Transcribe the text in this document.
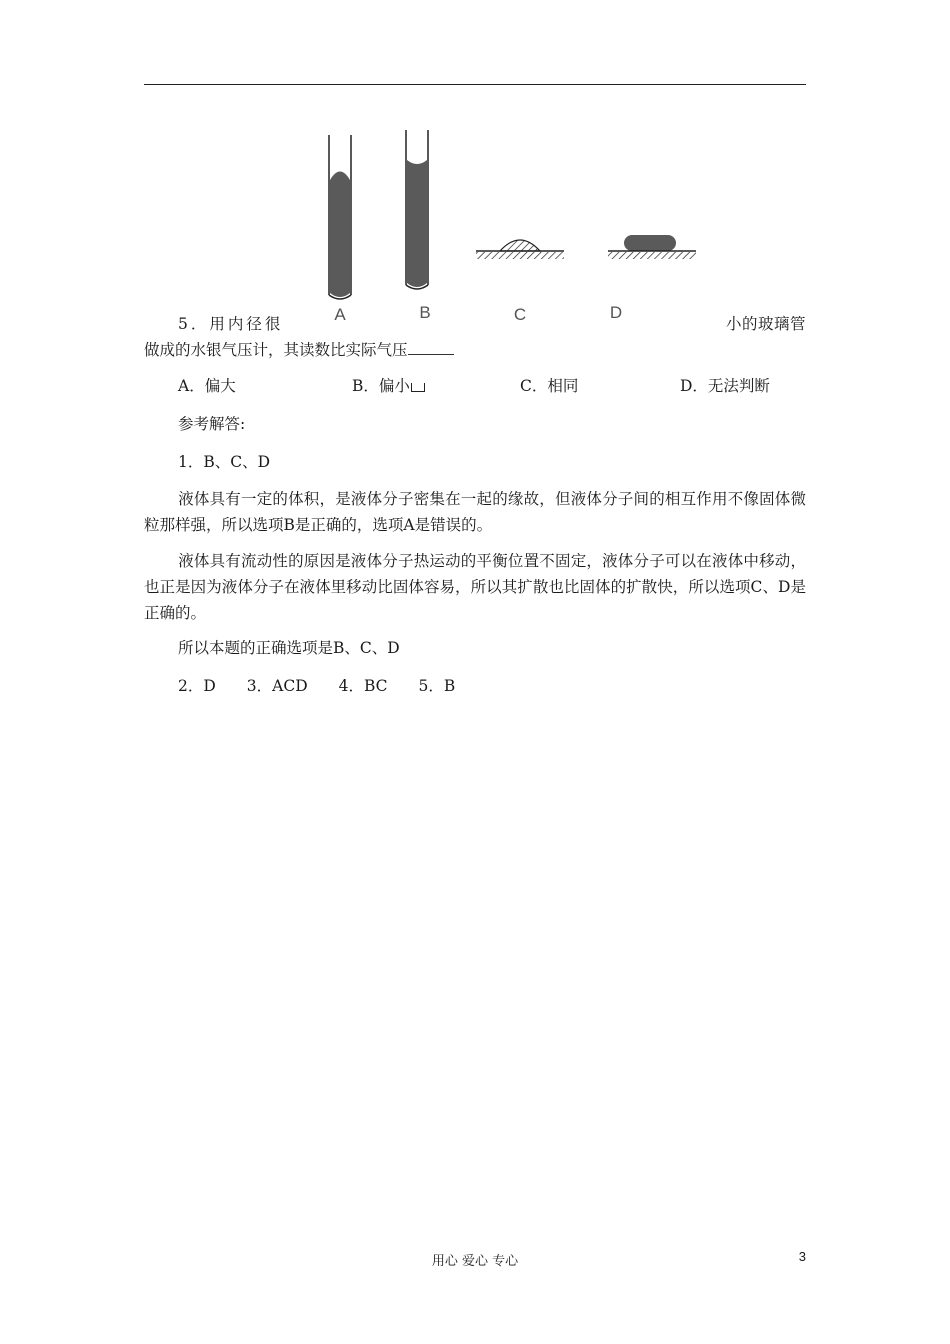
A	B	C	D
5．用内径很	小的玻璃管
做成的水银气压计，其读数比实际气压
A．偏大	B．偏小	C．相同	D．无法判断
参考解答:
1．B、C、D
液体具有一定的体积，是液体分子密集在一起的缘故，但液体分子间的相互作用不像固体微粒那样强，所以选项B是正确的，选项A是错误的。
液体具有流动性的原因是液体分子热运动的平衡位置不固定，液体分子可以在液体中移动，也正是因为液体分子在液体里移动比固体容易，所以其扩散也比固体的扩散快，所以选项C、D是正确的。
所以本题的正确选项是B、C、D
2．D　　3．ACD　　4．BC　　5．B
用心 爱心 专心	3
